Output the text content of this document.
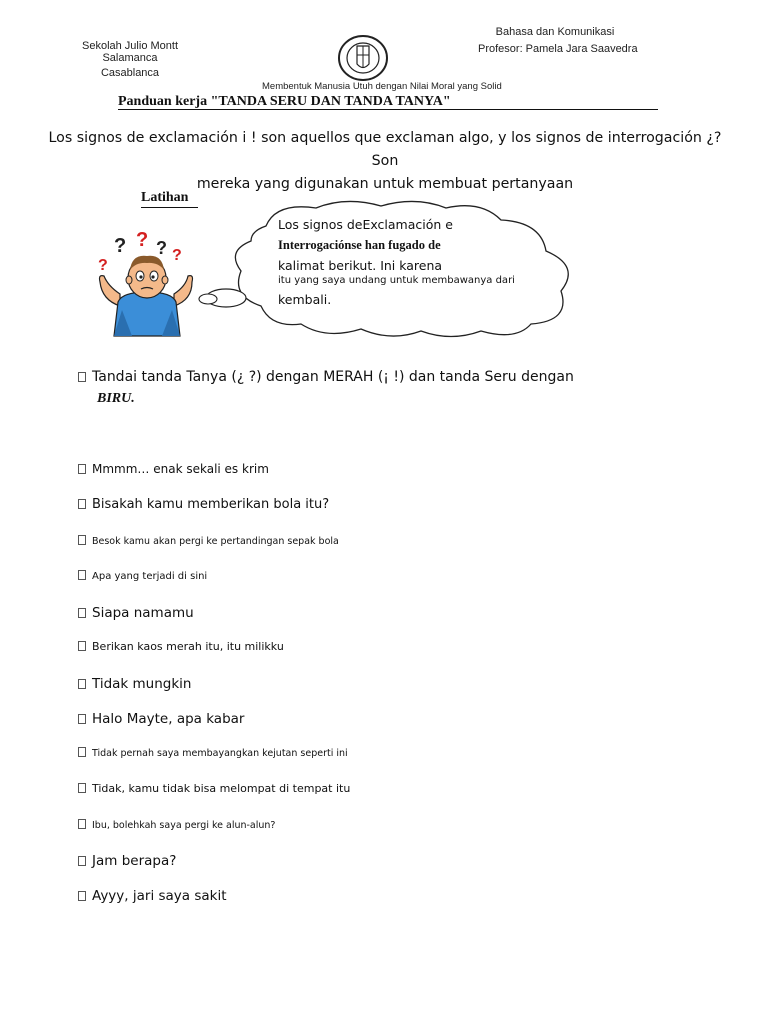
Sekolah Julio Montt Salamanca
Casablanca
Bahasa dan Komunikasi
Profesor: Pamela Jara Saavedra
Membentuk Manusia Utuh dengan Nilai Moral yang Solid
Panduan kerja "TANDA SERU DAN TANDA TANYA"
Los signos de exclamación i ! son aquellos que exclaman algo, y los signos de interrogación ¿? Son
mereka yang digunakan untuk membuat pertanyaan
Latihan
? ? ? ?
?
Los signos deExclamación e
Interrogaciónse han fugado de
kalimat berikut. Ini karena
itu yang saya undang untuk membawanya dari
kembali.
Tandai tanda Tanya (¿ ?) dengan MERAH (¡ !) dan tanda Seru dengan
BIRU.
Mmmm… enak sekali es krim
Bisakah kamu memberikan bola itu?
Besok kamu akan pergi ke pertandingan sepak bola
Apa yang terjadi di sini
Siapa namamu
Berikan kaos merah itu, itu milikku
Tidak mungkin
Halo Mayte, apa kabar
Tidak pernah saya membayangkan kejutan seperti ini
Tidak, kamu tidak bisa melompat di tempat itu
Ibu, bolehkah saya pergi ke alun-alun?
Jam berapa?
Ayyy, jari saya sakit
